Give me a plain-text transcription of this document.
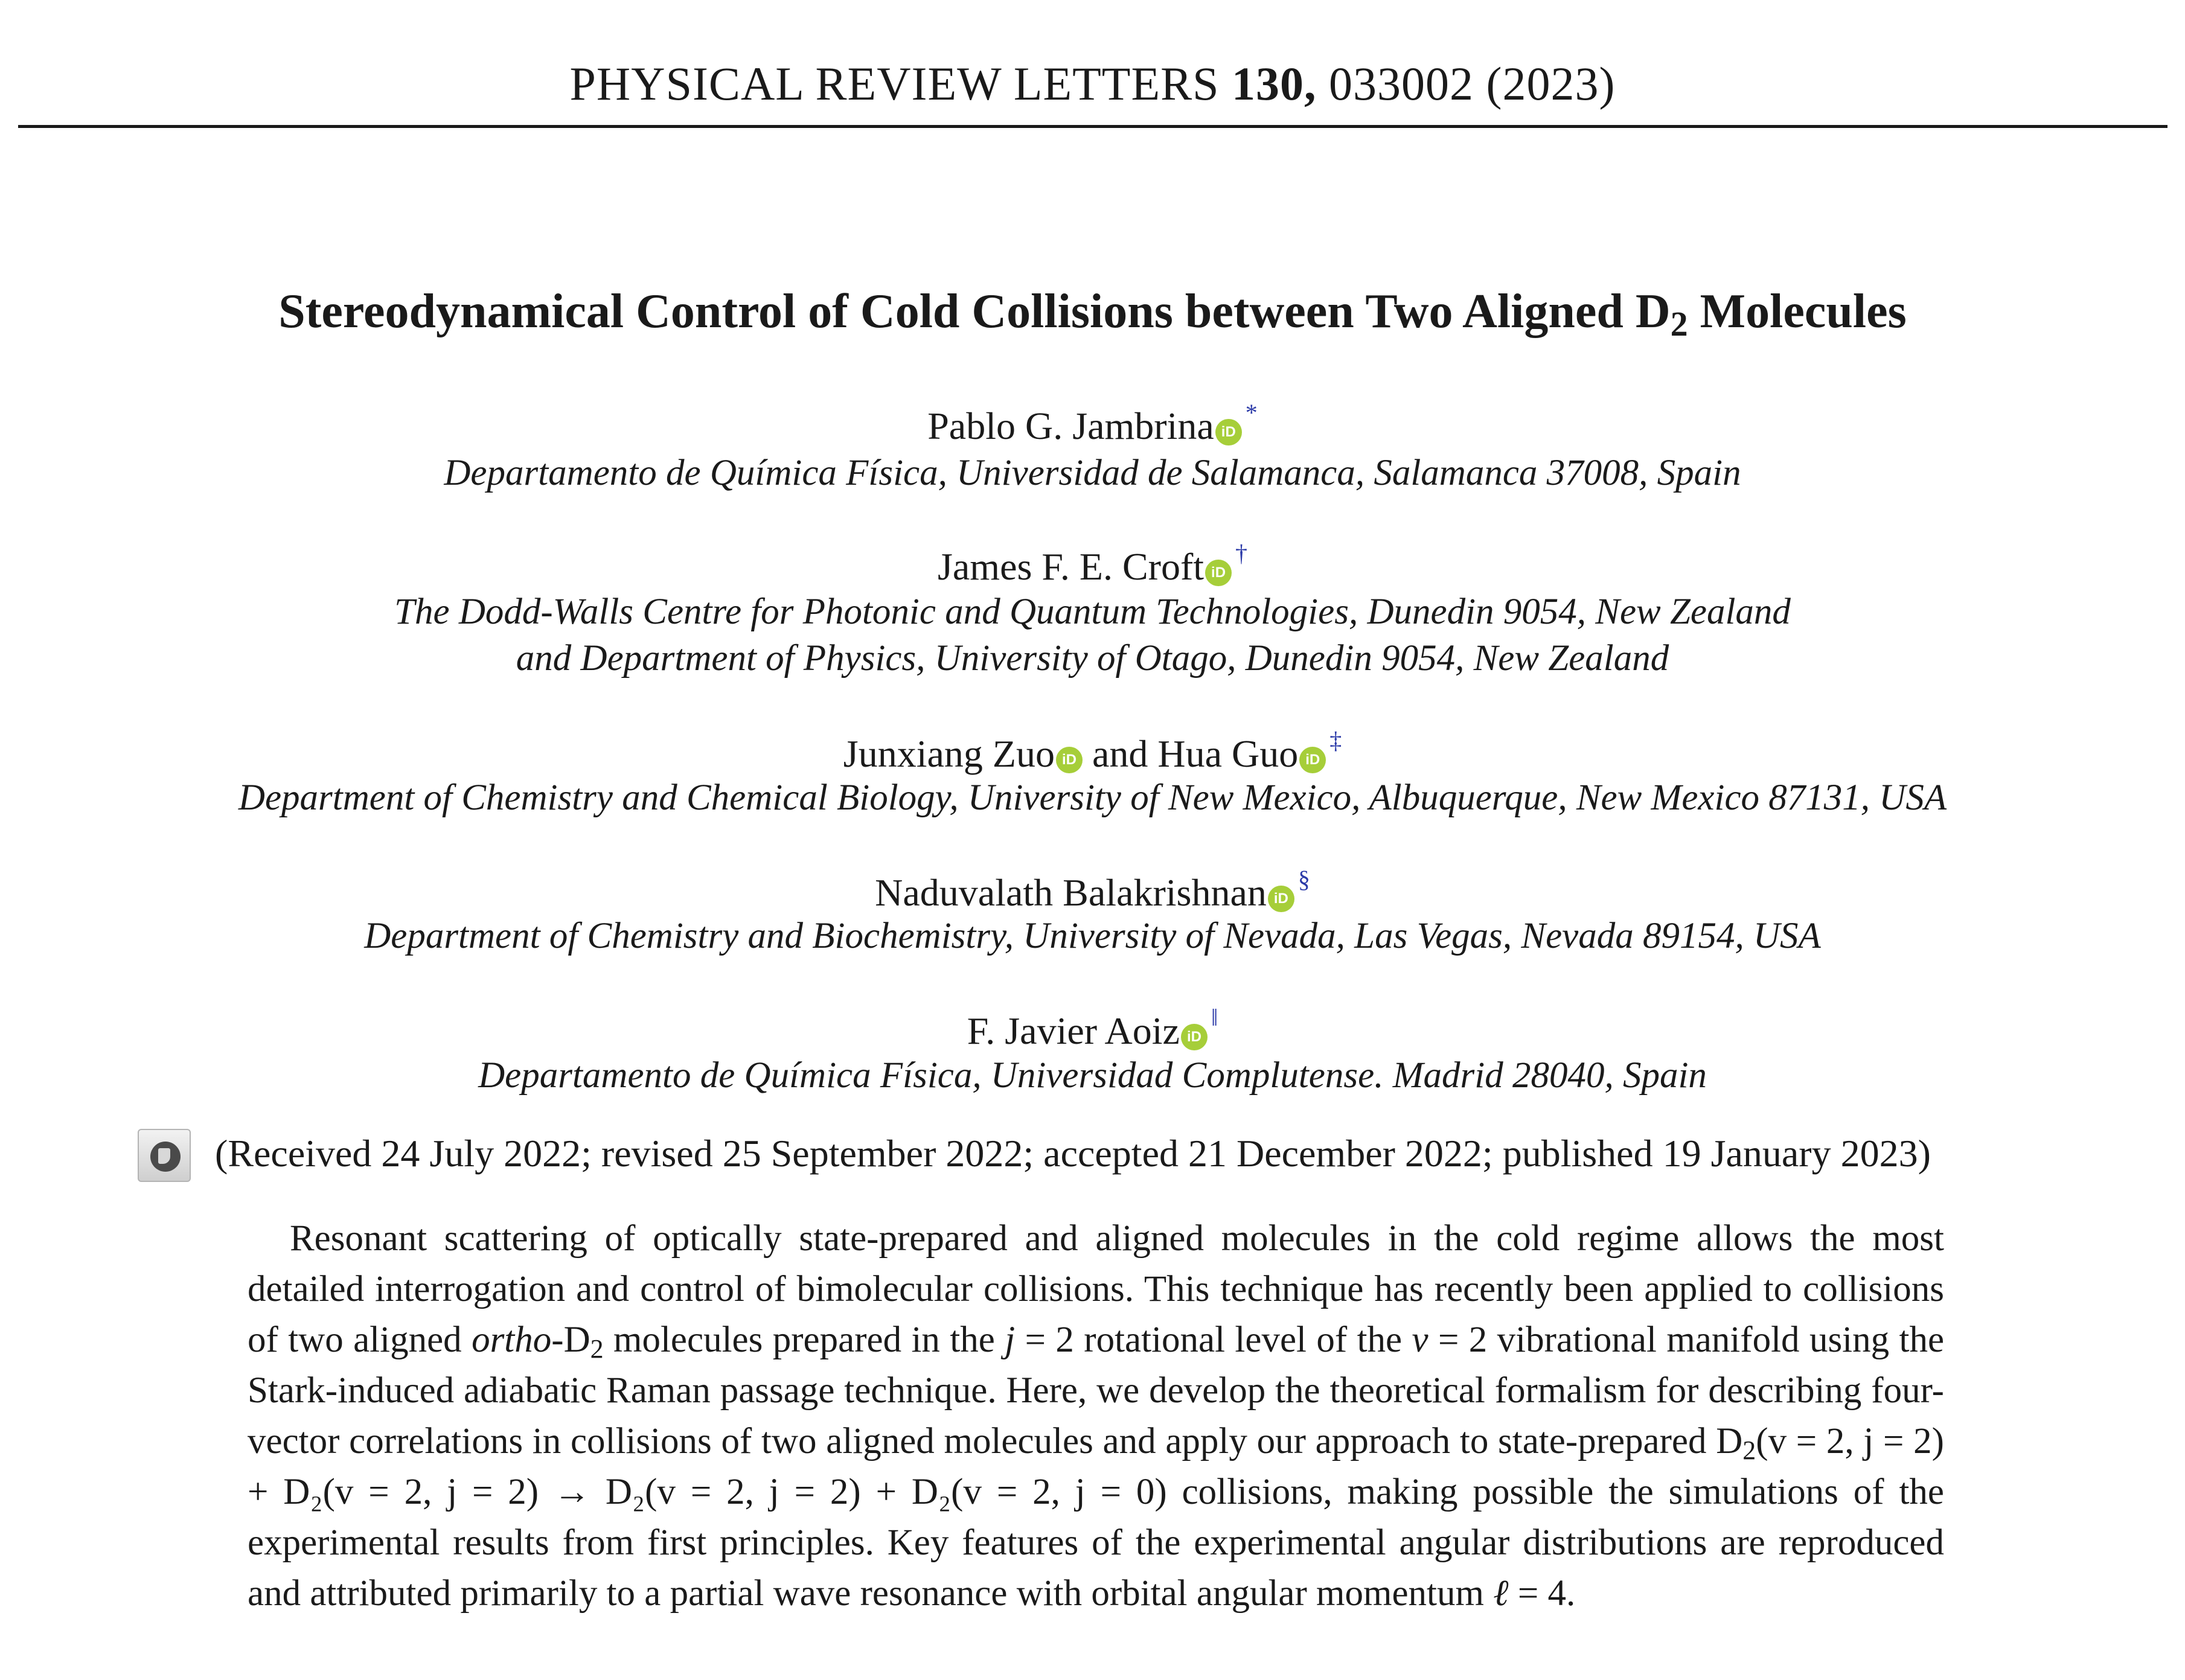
PHYSICAL REVIEW LETTERS 130, 033002 (2023)
Stereodynamical Control of Cold Collisions between Two Aligned $D_2$ Molecules
Pablo G. Jambrina iD*
Departamento de Química Física, Universidad de Salamanca, Salamanca 37008, Spain
James F. E. Croft iD†
The Dodd-Walls Centre for Photonic and Quantum Technologies, Dunedin 9054, New Zealand
and Department of Physics, University of Otago, Dunedin 9054, New Zealand
Junxiang Zuo iD and Hua Guo iD‡
Department of Chemistry and Chemical Biology, University of New Mexico, Albuquerque, New Mexico 87131, USA
Naduvalath Balakrishnan iD§
Department of Chemistry and Biochemistry, University of Nevada, Las Vegas, Nevada 89154, USA
F. Javier Aoiz iD‖
Departamento de Química Física, Universidad Complutense. Madrid 28040, Spain
(Received 24 July 2022; revised 25 September 2022; accepted 21 December 2022; published 19 January 2023)

Resonant scattering of optically state-prepared and aligned molecules in the cold regime allows the most detailed interrogation and control of bimolecular collisions. This technique has recently been applied to collisions of two aligned ortho-$D_2$ molecules prepared in the j = 2 rotational level of the v = 2 vibrational manifold using the Stark-induced adiabatic Raman passage technique. Here, we develop the theoretical formalism for describing four-vector correlations in collisions of two aligned molecules and apply our approach to state-prepared $D_2(v = 2$, j = 2) + D₂(v = 2, j = 2) → D₂(v = 2, j = 2) + D₂(v = 2, j = 0) collisions, making possible the simulations of the experimental results from first principles. Key features of the experimental angular distributions are reproduced and attributed primarily to a partial wave resonance with orbital angular momentum ℓ = 4.
